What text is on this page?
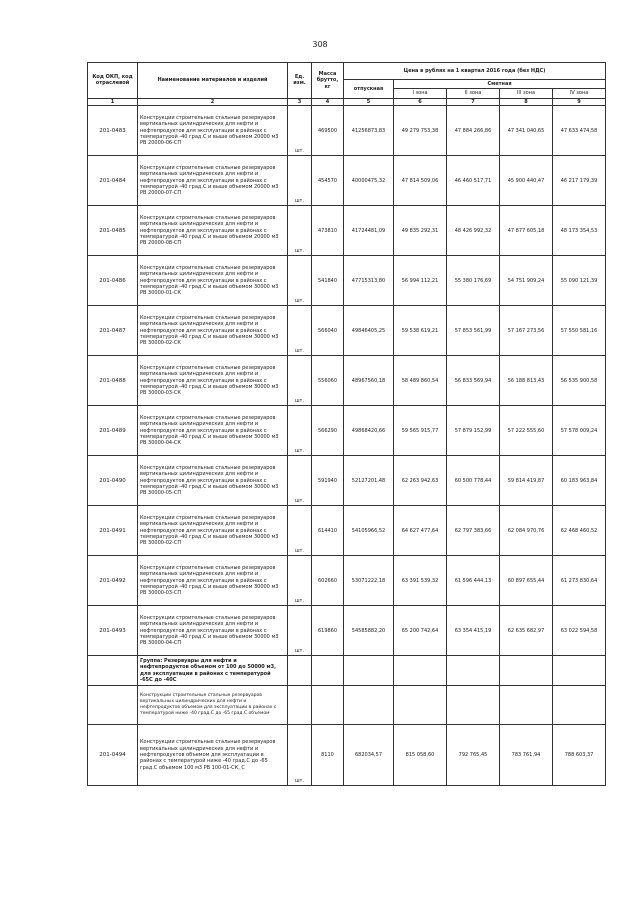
308
Код ОКП, код отраслевой	Наименование материалов и изделий	Ед. изм.	Масса брутто, кг	Цена в рублях на 1 квартал 2016 года (без НДС)				
				отпускная	Сметная			
					I зона	II зона	III зона	IV зона
1	2	3	4	5	6	7	8	9
201-0483	Конструкции строительные стальные резервуаров вертикальных цилиндрических для нефти и нефтепродуктов для эксплуатации в районах с температурой -40 град.С и выше объемом 20000 м3 РВ 20000-06-СП	шт.	469500	41256873,83	49 279 753,38	47 884 266,86	47 341 040,65	47 633 474,58
201-0484	Конструкции строительные стальные резервуаров вертикальных цилиндрических для нефти и нефтепродуктов для эксплуатации в районах с температурой -40 град.С и выше объемом 20000 м3 РВ 20000-07-СП	шт.	454570	40000475,32	47 814 509,06	46 460 517,71	45 900 440,47	46 217 179,39
201-0485	Конструкции строительные стальные резервуаров вертикальных цилиндрических для нефти и нефтепродуктов для эксплуатации в районах с температурой -40 град.С и выше объемом 20000 м3 РВ 20000-08-СП	шт.	473810	41724481,09	49 835 292,31	48 426 992,32	47 877 605,18	48 173 354,53
201-0486	Конструкции строительные стальные резервуаров вертикальных цилиндрических для нефти и нефтепродуктов для эксплуатации в районах с температурой -40 град.С и выше объемом 30000 м3 РВ 30000-01-СК	шт.	541840	47715313,80	56 994 112,21	55 380 176,69	54 751 909,24	55 090 121,39
201-0487	Конструкции строительные стальные резервуаров вертикальных цилиндрических для нефти и нефтепродуктов для эксплуатации в районах с температурой -40 град.С и выше объемом 30000 м3 РВ 30000-02-СК	шт.	566040	49846405,25	59 538 619,21	57 853 561,99	57 167 273,56	57 550 581,16
201-0488	Конструкции строительные стальные резервуаров вертикальных цилиндрических для нефти и нефтепродуктов для эксплуатации в районах с температурой -40 град.С и выше объемом 30000 м3 РВ 30000-03-СК	шт.	556060	48967560,18	58 489 860,54	56 833 569,94	56 188 813,43	56 535 900,58
201-0489	Конструкции строительные стальные резервуаров вертикальных цилиндрических для нефти и нефтепродуктов для эксплуатации в районах с температурой -40 град.С и выше объемом 30000 м3 РВ 30000-04-СК	шт.	566290	49868420,66	59 565 915,77	57 879 152,99	57 222 555,60	57 578 009,24
201-0490	Конструкции строительные стальные резервуаров вертикальных цилиндрических для нефти и нефтепродуктов для эксплуатации в районах с температурой -40 град.С и выше объемом 30000 м3 РВ 30000-05-СП	шт.	591940	52127201,48	62 263 942,63	60 500 778,44	59 814 419,87	60 183 963,84
201-0491	Конструкции строительные стальные резервуаров вертикальных цилиндрических для нефти и нефтепродуктов для эксплуатации в районах с температурой -40 град.С и выше объемом 30000 м3 РВ 30000-02-СП	шт.	614410	54105966,52	64 627 477,64	62 797 383,66	62 084 970,76	62 468 460,52
201-0492	Конструкции строительные стальные резервуаров вертикальных цилиндрических для нефти и нефтепродуктов для эксплуатации в районах с температурой -40 град.С и выше объемом 30000 м3 РВ 30000-03-СП	шт.	602660	53071222,18	63 391 539,32	61 596 444,13	60 897 655,44	61 273 830,64
201-0493	Конструкции строительные стальные резервуаров вертикальных цилиндрических для нефти и нефтепродуктов для эксплуатации в районах с температурой -40 град.С и выше объемом 30000 м3 РВ 30000-04-СП	шт.	619860	54585882,20	65 200 742,64	63 354 415,19	62 635 682,97	63 022 594,58
	Группа: Резервуары для нефти и нефтепродуктов объемом от 100 до 50000 м3, для эксплуатации в районах с температурой -65С до -40С							
	Конструкции строительные стальные резервуаров вертикальных цилиндрических для нефти и нефтепродуктов объемом для эксплуатации в районах с температурой ниже -40 град.С до -65 град.С объемом							
201-0494	Конструкции строительные стальные резервуаров вертикальных цилиндрических для нефти и нефтепродуктов объемом для эксплуатации в районах с температурой ниже -40 град.С до -65 град.С объемом 100 м3 РВ 100-01-СК, С	шт.	8110	682034,57	815 058,60	792 765,45	783 761,94	788 603,37
